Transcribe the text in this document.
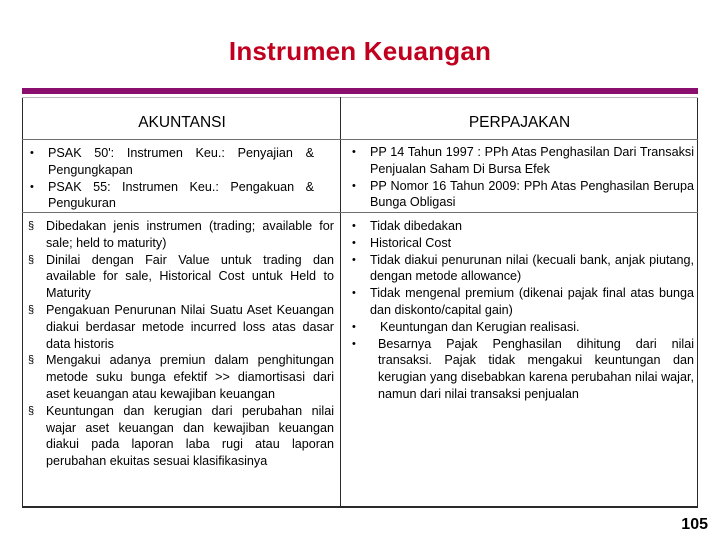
Instrumen Keuangan
AKUNTANSI	PERPAJAKAN
• PSAK 50': Instrumen Keu.: Penyajian & Pengungkapan
• PSAK 55: Instrumen Keu.: Pengakuan & Pengukuran
§ Dibedakan jenis instrumen (trading; available for sale; held to maturity)
§ Dinilai dengan Fair Value untuk trading dan available for sale, Historical Cost untuk Held to Maturity
§ Pengakuan Penurunan Nilai Suatu Aset Keuangan diakui berdasar metode incurred loss atas dasar data historis
§ Mengakui adanya premiun dalam penghitungan metode suku bunga efektif >> diamortisasi dari aset keuangan atau kewajiban keuangan
§ Keuntungan dan kerugian dari perubahan nilai wajar aset keuangan dan kewajiban keuangan diakui pada laporan laba rugi atau laporan perubahan ekuitas sesuai klasifikasinya
• PP 14 Tahun 1997 : PPh Atas Penghasilan Dari Transaksi Penjualan Saham Di Bursa Efek
• PP Nomor 16 Tahun 2009: PPh Atas Penghasilan Berupa Bunga Obligasi
• Tidak dibedakan
• Historical Cost
• Tidak diakui penurunan nilai (kecuali bank, anjak piutang, dengan metode allowance)
• Tidak mengenal premium (dikenai pajak final atas bunga dan diskonto/capital gain)
• Keuntungan dan Kerugian realisasi.
•	Besarnya Pajak Penghasilan dihitung dari nilai transaksi. Pajak tidak mengakui keuntungan dan kerugian yang disebabkan karena perubahan nilai wajar, namun dari nilai transaksi penjualan
105
